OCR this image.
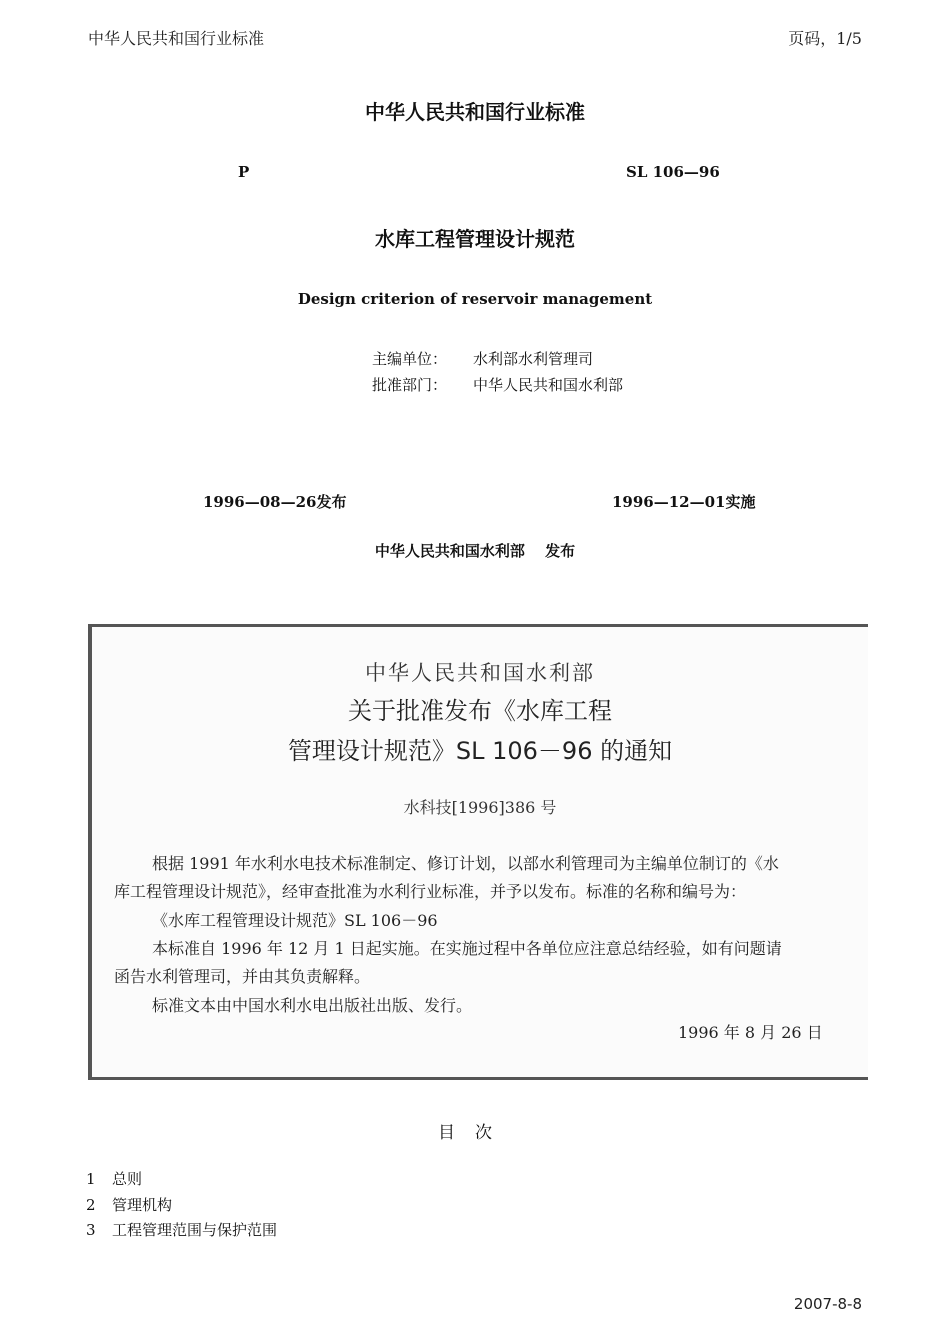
中华人民共和国行业标准	页码，1/5
中华人民共和国行业标准
P	SL 106—96
水库工程管理设计规范
Design criterion of reservoir management
主编单位： 水利部水利管理司
批准部门： 中华人民共和国水利部
1996—08—26发布	1996—12—01实施
中华人民共和国水利部　 发布
中华人民共和国水利部
关于批准发布《水库工程
管理设计规范》SL 106－96 的通知
水科技[1996]386 号
根据 1991 年水利水电技术标准制定、修订计划，以部水利管理司为主编单位制订的《水
库工程管理设计规范》，经审查批准为水利行业标准，并予以发布。标准的名称和编号为：
《水库工程管理设计规范》SL 106－96
本标准自 1996 年 12 月 1 日起实施。在实施过程中各单位应注意总结经验，如有问题请
函告水利管理司，并由其负责解释。
标准文本由中国水利水电出版社出版、发行。
1996 年 8 月 26 日
目次
1 总则
2 管理机构
3 工程管理范围与保护范围
2007-8-8
